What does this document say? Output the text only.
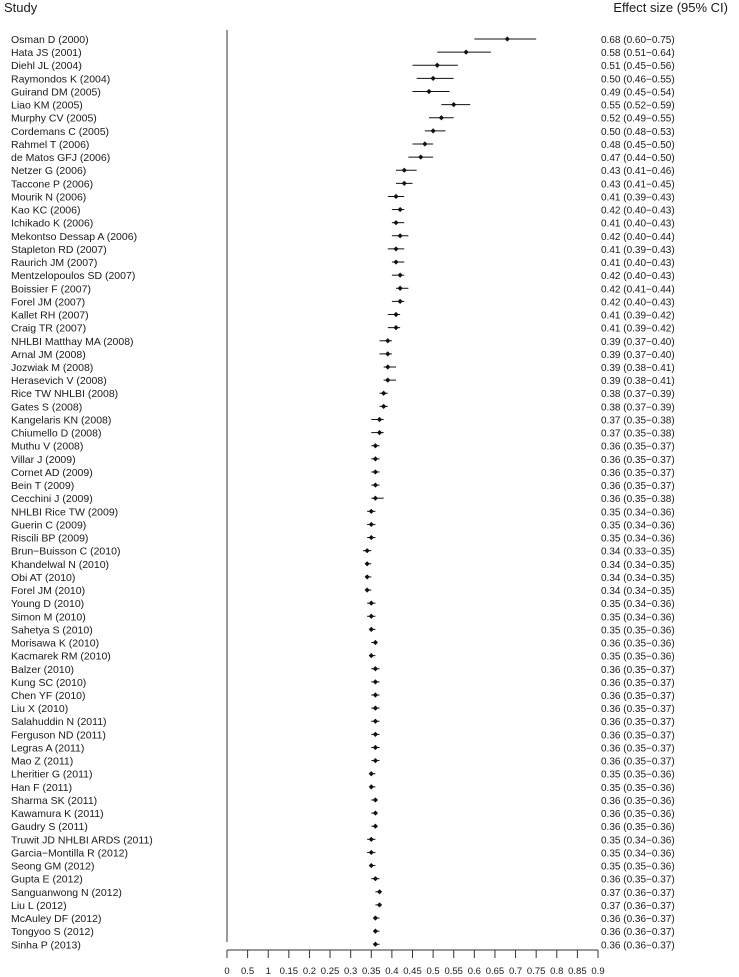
Study	Effect size (95% CI)
Osman D (2000)	0.68 (0.60−0.75)
Hata JS (2001)	0.58 (0.51−0.64)
Diehl JL (2004)	0.51 (0.45−0.56)
Raymondos K (2004)	0.50 (0.46−0.55)
Guirand DM (2005)	0.49 (0.45−0.54)
Liao KM (2005)	0.55 (0.52−0.59)
Murphy CV (2005)	0.52 (0.49−0.55)
Cordemans C (2005)	0.50 (0.48−0.53)
Rahmel T (2006)	0.48 (0.45−0.50)
de Matos GFJ (2006)	0.47 (0.44−0.50)
Netzer G (2006)	0.43 (0.41−0.46)
Taccone P (2006)	0.43 (0.41−0.45)
Mourik N (2006)	0.41 (0.39−0.43)
Kao KC (2006)	0.42 (0.40−0.43)
Ichikado K (2006)	0.41 (0.40−0.43)
Mekontso Dessap A (2006)	0.42 (0.40−0.44)
Stapleton RD (2007)	0.41 (0.39−0.43)
Raurich JM (2007)	0.41 (0.40−0.43)
Mentzelopoulos SD (2007)	0.42 (0.40−0.43)
Boissier F (2007)	0.42 (0.41−0.44)
Forel JM (2007)	0.42 (0.40−0.43)
Kallet RH (2007)	0.41 (0.39−0.42)
Craig TR (2007)	0.41 (0.39−0.42)
NHLBI Matthay MA (2008)	0.39 (0.37−0.40)
Arnal JM (2008)	0.39 (0.37−0.40)
Jozwiak M (2008)	0.39 (0.38−0.41)
Herasevich V (2008)	0.39 (0.38−0.41)
Rice TW NHLBI (2008)	0.38 (0.37−0.39)
Gates S (2008)	0.38 (0.37−0.39)
Kangelaris KN (2008)	0.37 (0.35−0.38)
Chiumello D (2008)	0.37 (0.35−0.38)
Muthu V (2008)	0.36 (0.35−0.37)
Villar J (2009)	0.36 (0.35−0.37)
Cornet AD (2009)	0.36 (0.35−0.37)
Bein T (2009)	0.36 (0.35−0.37)
Cecchini J (2009)	0.36 (0.35−0.38)
NHLBI Rice TW (2009)	0.35 (0.34−0.36)
Guerin C (2009)	0.35 (0.34−0.36)
Riscili BP (2009)	0.35 (0.34−0.36)
Brun−Buisson C (2010)	0.34 (0.33−0.35)
Khandelwal N (2010)	0.34 (0.34−0.35)
Obi AT (2010)	0.34 (0.34−0.35)
Forel JM (2010)	0.34 (0.34−0.35)
Young D (2010)	0.35 (0.34−0.36)
Simon M (2010)	0.35 (0.34−0.36)
Sahetya S (2010)	0.35 (0.35−0.36)
Morisawa K (2010)	0.36 (0.35−0.36)
Kacmarek RM (2010)	0.35 (0.35−0.36)
Balzer (2010)	0.36 (0.35−0.37)
Kung SC (2010)	0.36 (0.35−0.37)
Chen YF (2010)	0.36 (0.35−0.37)
Liu X (2010)	0.36 (0.35−0.37)
Salahuddin N (2011)	0.36 (0.35−0.37)
Ferguson ND (2011)	0.36 (0.35−0.37)
Legras A (2011)	0.36 (0.35−0.37)
Mao Z (2011)	0.36 (0.35−0.37)
Lheritier G (2011)	0.35 (0.35−0.36)
Han F (2011)	0.35 (0.35−0.36)
Sharma SK (2011)	0.36 (0.35−0.36)
Kawamura K (2011)	0.36 (0.35−0.36)
Gaudry S (2011)	0.36 (0.35−0.36)
Truwit JD NHLBI ARDS (2011)	0.35 (0.34−0.36)
Garcia−Montilla R (2012)	0.35 (0.34−0.36)
Seong GM (2012)	0.35 (0.35−0.36)
Gupta E (2012)	0.36 (0.35−0.37)
Sanguanwong N (2012)	0.37 (0.36−0.37)
Liu L (2012)	0.37 (0.36−0.37)
McAuley DF (2012)	0.36 (0.36−0.37)
Tongyoo S (2012)	0.36 (0.36−0.37)
Sinha P (2013)	0.36 (0.36−0.37)
0 0.5 1 0.15 0.2 0.25 0.3 0.35 0.4 0.45 0.5 0.55 0.6 0.65 0.7 0.75 0.8 0.85 0.9
